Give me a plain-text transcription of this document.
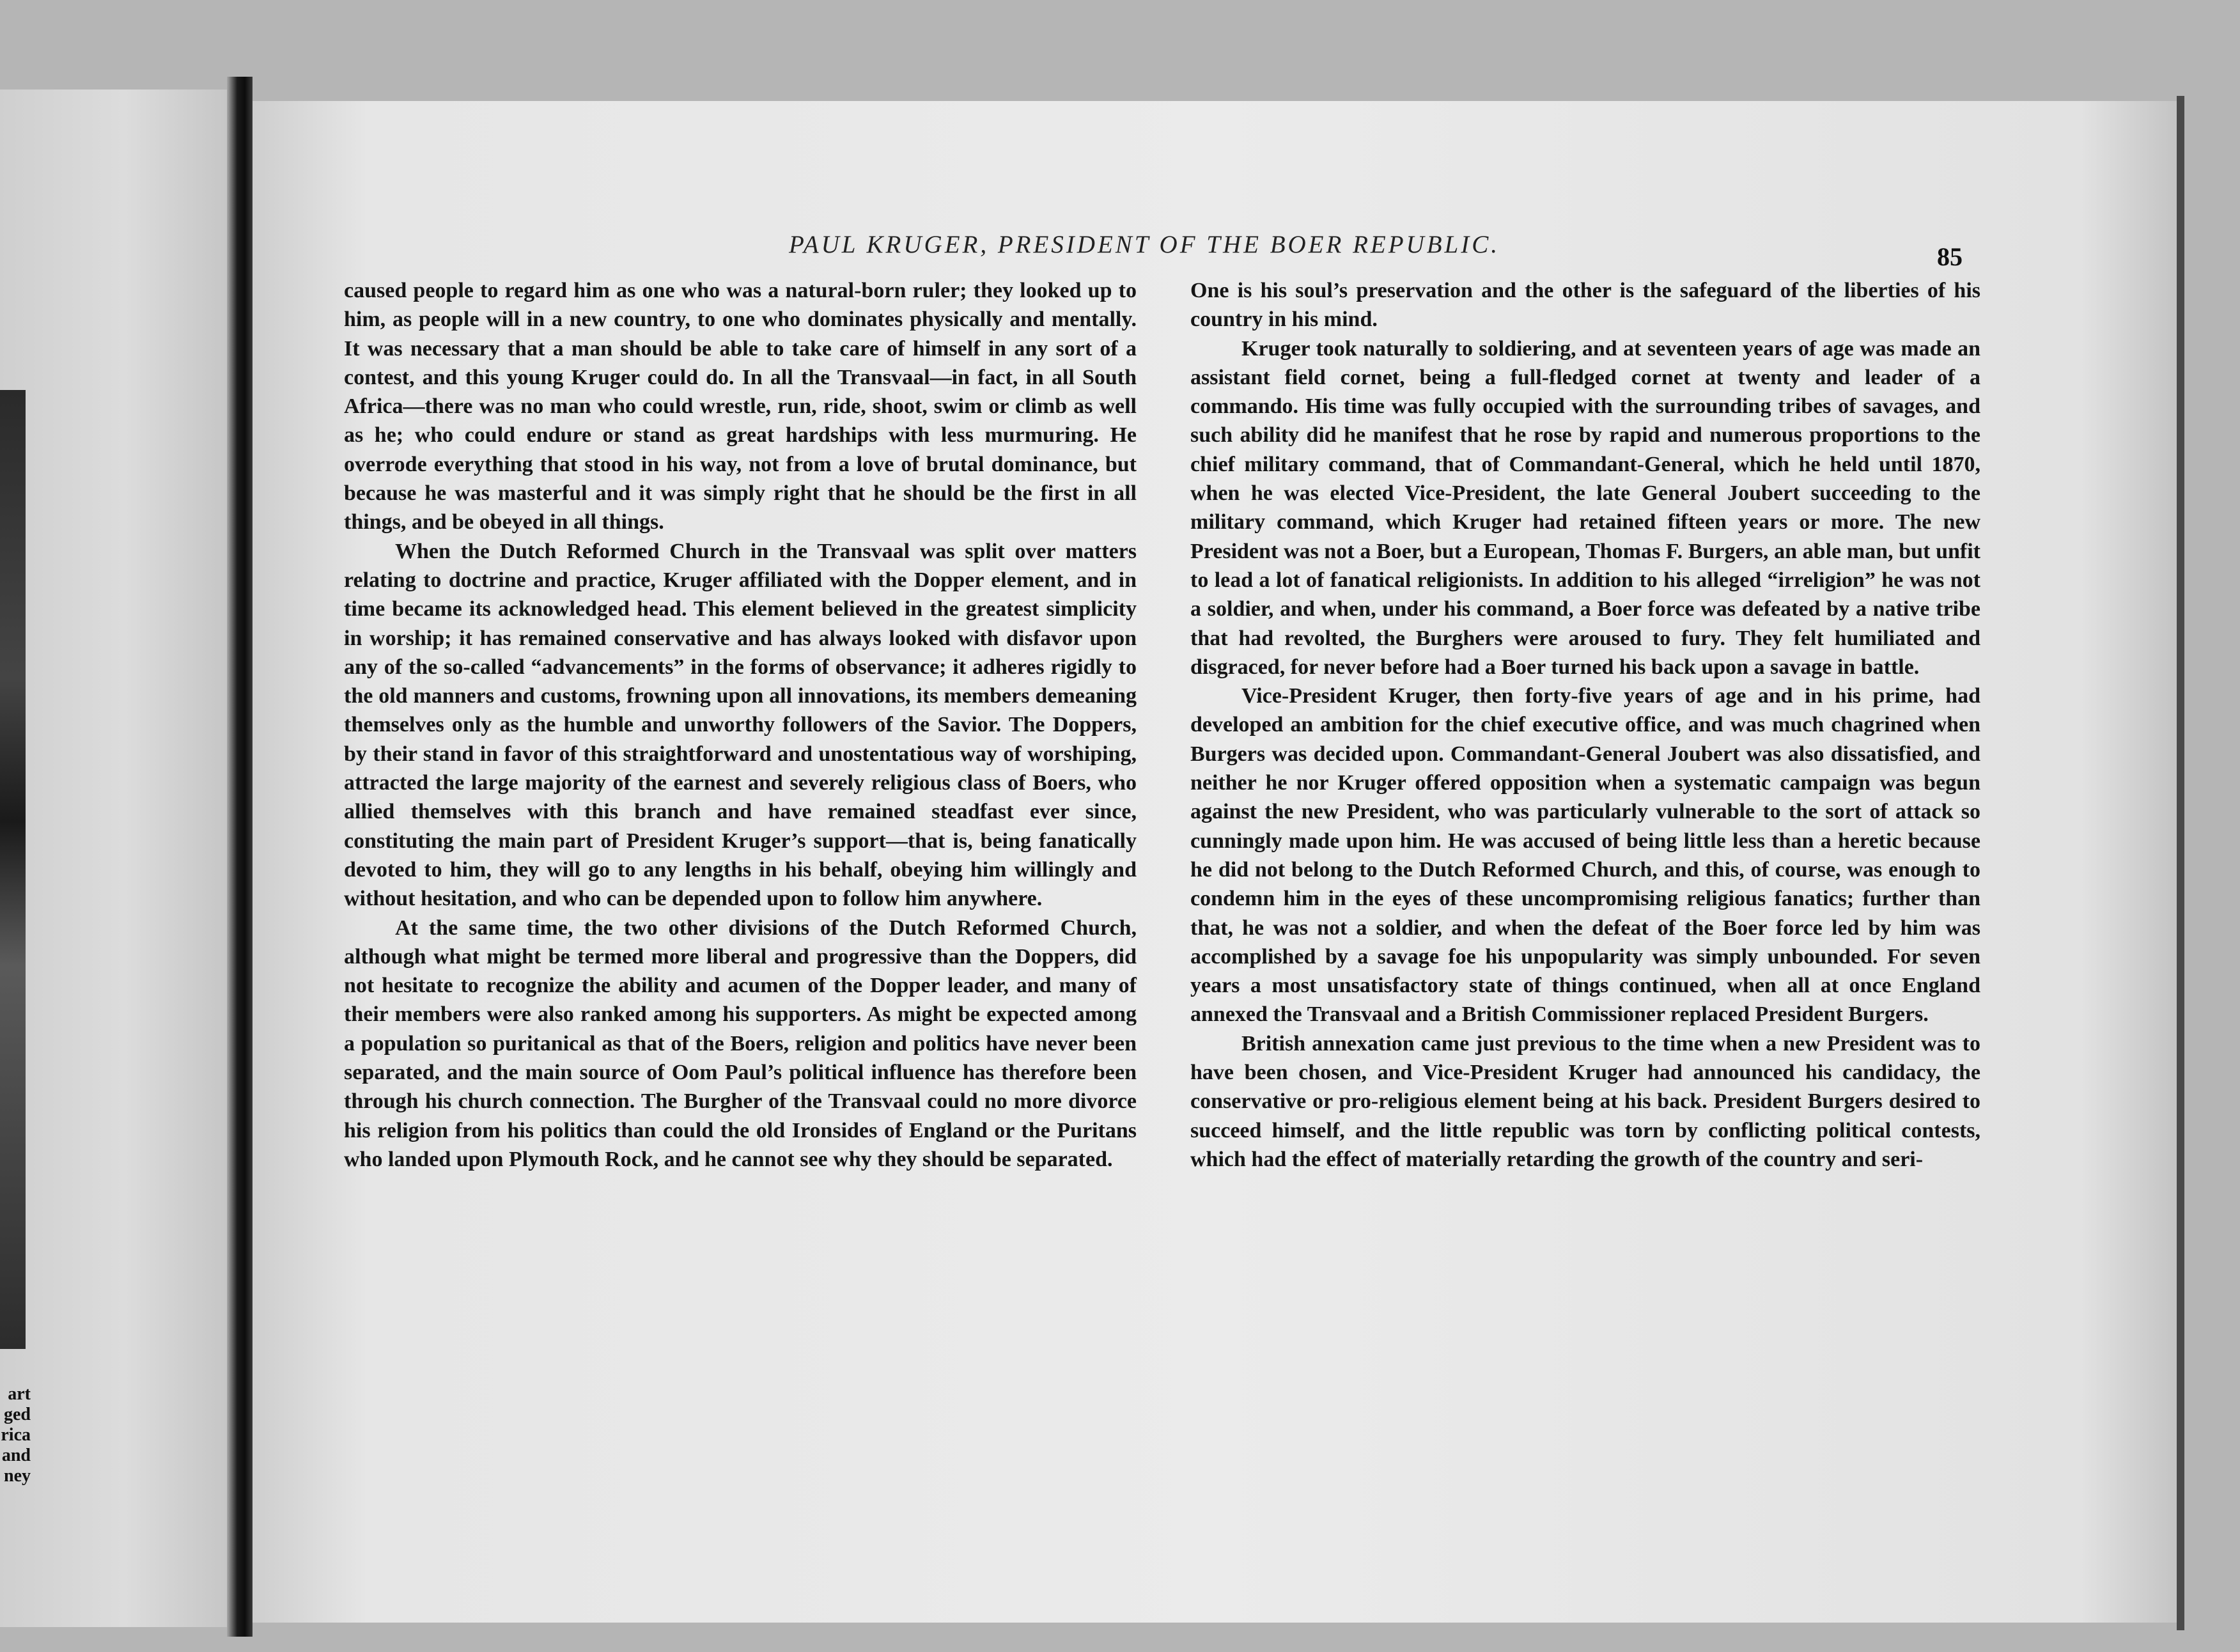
art
ged
rica
and
ney
PAUL KRUGER, PRESIDENT OF THE BOER REPUBLIC.	85

caused people to regard him as one who was a natural-born ruler; they looked up to him, as people will in a new country, to one who dominates physically and mentally. It was necessary that a man should be able to take care of himself in any sort of a contest, and this young Kruger could do. In all the Transvaal—in fact, in all South Africa—there was no man who could wrestle, run, ride, shoot, swim or climb as well as he; who could endure or stand as great hardships with less murmuring. He overrode everything that stood in his way, not from a love of brutal dominance, but because he was masterful and it was simply right that he should be the first in all things, and be obeyed in all things.

When the Dutch Reformed Church in the Transvaal was split over matters relating to doctrine and practice, Kruger affiliated with the Dopper element, and in time became its acknowledged head. This element believed in the greatest simplicity in worship; it has remained conservative and has always looked with disfavor upon any of the so-called “advancements” in the forms of observance; it adheres rigidly to the old manners and customs, frowning upon all innovations, its members demeaning themselves only as the humble and unworthy followers of the Savior. The Doppers, by their stand in favor of this straightforward and unostentatious way of worshiping, attracted the large majority of the earnest and severely religious class of Boers, who allied themselves with this branch and have remained steadfast ever since, constituting the main part of President Kruger’s support—that is, being fanatically devoted to him, they will go to any lengths in his behalf, obeying him willingly and without hesitation, and who can be depended upon to follow him anywhere.

At the same time, the two other divisions of the Dutch Reformed Church, although what might be termed more liberal and progressive than the Doppers, did not hesitate to recognize the ability and acumen of the Dopper leader, and many of their members were also ranked among his supporters. As might be expected among a population so puritanical as that of the Boers, religion and politics have never been separated, and the main source of Oom Paul’s political influence has therefore been through his church connection. The Burgher of the Transvaal could no more divorce his religion from his politics than could the old Ironsides of England or the Puritans who landed upon Plymouth Rock, and he cannot see why they should be separated.

One is his soul’s preservation and the other is the safeguard of the liberties of his country in his mind.

Kruger took naturally to soldiering, and at seventeen years of age was made an assistant field cornet, being a full-fledged cornet at twenty and leader of a commando. His time was fully occupied with the surrounding tribes of savages, and such ability did he manifest that he rose by rapid and numerous proportions to the chief military command, that of Commandant-General, which he held until 1870, when he was elected Vice-President, the late General Joubert succeeding to the military command, which Kruger had retained fifteen years or more. The new President was not a Boer, but a European, Thomas F. Burgers, an able man, but unfit to lead a lot of fanatical religionists. In addition to his alleged “irreligion” he was not a soldier, and when, under his command, a Boer force was defeated by a native tribe that had revolted, the Burghers were aroused to fury. They felt humiliated and disgraced, for never before had a Boer turned his back upon a savage in battle.

Vice-President Kruger, then forty-five years of age and in his prime, had developed an ambition for the chief executive office, and was much chagrined when Burgers was decided upon. Commandant-General Joubert was also dissatisfied, and neither he nor Kruger offered opposition when a systematic campaign was begun against the new President, who was particularly vulnerable to the sort of attack so cunningly made upon him. He was accused of being little less than a heretic because he did not belong to the Dutch Reformed Church, and this, of course, was enough to condemn him in the eyes of these uncompromising religious fanatics; further than that, he was not a soldier, and when the defeat of the Boer force led by him was accomplished by a savage foe his unpopularity was simply unbounded. For seven years a most unsatisfactory state of things continued, when all at once England annexed the Transvaal and a British Commissioner replaced President Burgers.

British annexation came just previous to the time when a new President was to have been chosen, and Vice-President Kruger had announced his candidacy, the conservative or pro-religious element being at his back. President Burgers desired to succeed himself, and the little republic was torn by conflicting political contests, which had the effect of materially retarding the growth of the country and seri-
